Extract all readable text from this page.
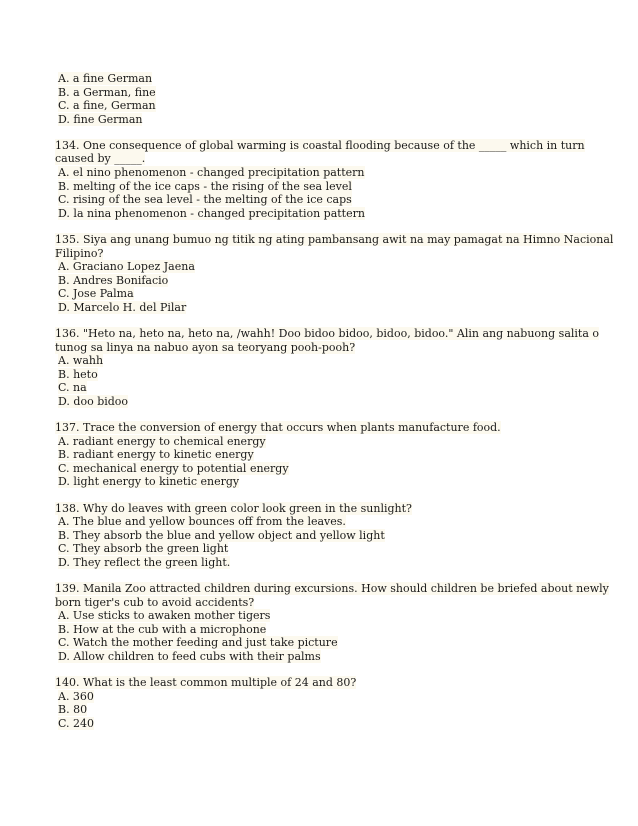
A. a fine German
B. a German, fine
C. a fine, German
D. fine German
134. One consequence of global warming is coastal flooding because of the _____ which in turn
caused by _____.
A. el nino phenomenon - changed precipitation pattern
B. melting of the ice caps - the rising of the sea level
C. rising of the sea level - the melting of the ice caps
D. la nina phenomenon - changed precipitation pattern
135. Siya ang unang bumuo ng titik ng ating pambansang awit na may pamagat na Himno Nacional
Filipino?
A. Graciano Lopez Jaena
B. Andres Bonifacio
C. Jose Palma
D. Marcelo H. del Pilar
136. "Heto na, heto na, heto na, /wahh! Doo bidoo bidoo, bidoo, bidoo." Alin ang nabuong salita o
tunog sa linya na nabuo ayon sa teoryang pooh-pooh?
A. wahh
B. heto
C. na
D. doo bidoo
137. Trace the conversion of energy that occurs when plants manufacture food.
A. radiant energy to chemical energy
B. radiant energy to kinetic energy
C. mechanical energy to potential energy
D. light energy to kinetic energy
138. Why do leaves with green color look green in the sunlight?
A. The blue and yellow bounces off from the leaves.
B. They absorb the blue and yellow object and yellow light
C. They absorb the green light
D. They reflect the green light.
139. Manila Zoo attracted children during excursions. How should children be briefed about newly
born tiger's cub to avoid accidents?
A. Use sticks to awaken mother tigers
B. How at the cub with a microphone
C. Watch the mother feeding and just take picture
D. Allow children to feed cubs with their palms
140. What is the least common multiple of 24 and 80?
A. 360
B. 80
C. 240
